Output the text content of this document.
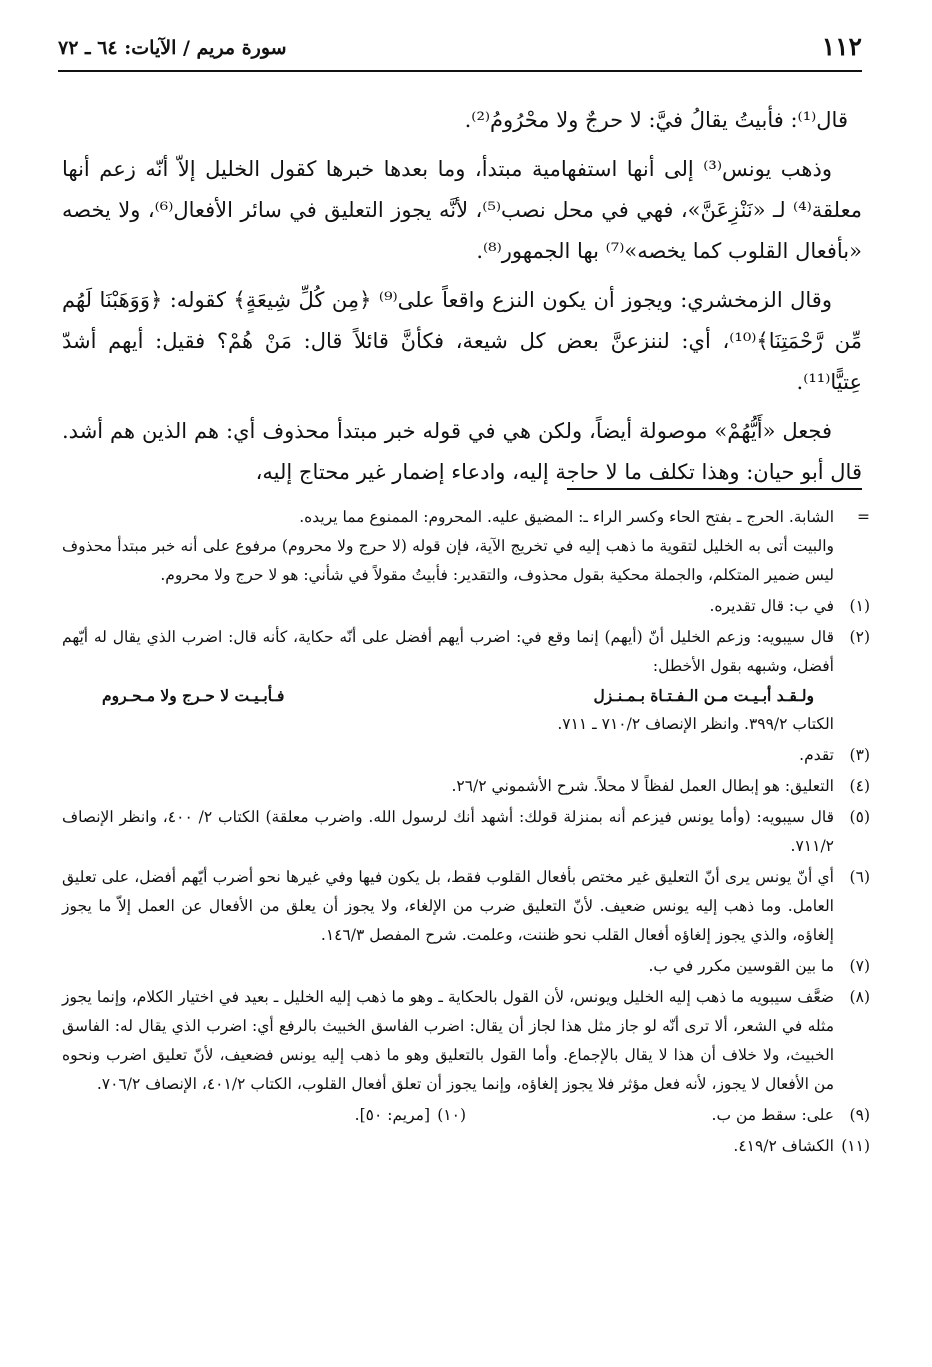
١١٢
سورة مريم / الآيات: ٦٤ ـ ٧٢

قال⁽¹⁾: فأبيتُ يقالُ فيَّ: لا حرجٌ ولا محْرُومُ⁽²⁾.

وذهب يونس⁽³⁾ إلى أنها استفهامية مبتدأ، وما بعدها خبرها كقول الخليل إلاّ أنّه زعم أنها معلقة⁽⁴⁾ لـ «نَنْزِعَنَّ»، فهي في محل نصب⁽⁵⁾، لأنَّه يجوز التعليق في سائر الأفعال⁽⁶⁾، ولا يخصه «بأفعال القلوب كما يخصه»⁽⁷⁾ بها الجمهور⁽⁸⁾.

وقال الزمخشري: ويجوز أن يكون النزع واقعاً على⁽⁹⁾ ﴿مِن كُلِّ شِيعَةٍ﴾ كقوله: ﴿وَوَهَبْنَا لَهُم مِّن رَّحْمَتِنَا﴾⁽¹⁰⁾، أي: لننزعنَّ بعض كل شيعة، فكأنَّ قائلاً قال: مَنْ هُمْ؟ فقيل: أيهم أشدّ عِتيًّا⁽¹¹⁾.

فجعل «أَيُّهُمْ» موصولة أيضاً، ولكن هي في قوله خبر مبتدأ محذوف أي: هم الذين هم أشد. قال أبو حيان: وهذا تكلف ما لا حاجة إليه، وادعاء إضمار غير محتاج إليه،

=

الشابة. الحرج ـ بفتح الحاء وكسر الراء ـ: المضيق عليه. المحروم: الممنوع مما يريده.

والبيت أتى به الخليل لتقوية ما ذهب إليه في تخريج الآية، فإن قوله (لا حرج ولا محروم) مرفوع على أنه خبر مبتدأ محذوف ليس ضمير المتكلم، والجملة محكية بقول محذوف، والتقدير: فأبيتُ مقولاً في شأني: هو لا حرج ولا محروم.

(١)
في ب: قال تقديره.
(٢)

قال سيبويه: وزعم الخليل أنّ (أيهم) إنما وقع في: اضرب أيهم أفضل على أنّه حكاية، كأنه قال: اضرب الذي يقال له أيّهم أفضل، وشبهه بقول الأخطل:

ولـقـد أبـيـت مـن الـفـتـاة بـمـنـزل
فـأبـيـت لا حـرج ولا مـحـروم

الكتاب ٣٩٩/٢. وانظر الإنصاف ٧١٠/٢ ـ ٧١١.

(٣)
تقدم.
(٤)
التعليق: هو إبطال العمل لفظاً لا محلاً. شرح الأشموني ٢٦/٢.
(٥)
قال سيبويه: (وأما يونس فيزعم أنه بمنزلة قولك: أشهد أنك لرسول الله. واضرب معلقة) الكتاب ٢/ ٤٠٠، وانظر الإنصاف ٧١١/٢.
(٦)
أي أنّ يونس يرى أنّ التعليق غير مختص بأفعال القلوب فقط، بل يكون فيها وفي غيرها نحو أضرب أيّهم أفضل، على تعليق العامل. وما ذهب إليه يونس ضعيف. لأنّ التعليق ضرب من الإلغاء، ولا يجوز أن يعلق من الأفعال عن العمل إلاّ ما يجوز إلغاؤه، والذي يجوز إلغاؤه أفعال القلب نحو ظننت، وعلمت. شرح المفصل ١٤٦/٣.
(٧)
ما بين القوسين مكرر في ب.
(٨)
ضعَّف سيبويه ما ذهب إليه الخليل ويونس، لأن القول بالحكاية ـ وهو ما ذهب إليه الخليل ـ بعيد في اختيار الكلام، وإنما يجوز مثله في الشعر، ألا ترى أنّه لو جاز مثل هذا لجاز أن يقال: اضرب الفاسق الخبيث بالرفع أي: اضرب الذي يقال له: الفاسق الخبيث، ولا خلاف أن هذا لا يقال بالإجماع. وأما القول بالتعليق وهو ما ذهب إليه يونس فضعيف، لأنّ تعليق اضرب ونحوه من الأفعال لا يجوز، لأنه فعل مؤثر فلا يجوز إلغاؤه، وإنما يجوز أن تعلق أفعال القلوب، الكتاب ٤٠١/٢، الإنصاف ٧٠٦/٢.
(٩)
على: سقط من ب.
(١٠)
[مريم: ٥٠].
(١١)
الكشاف ٤١٩/٢.
